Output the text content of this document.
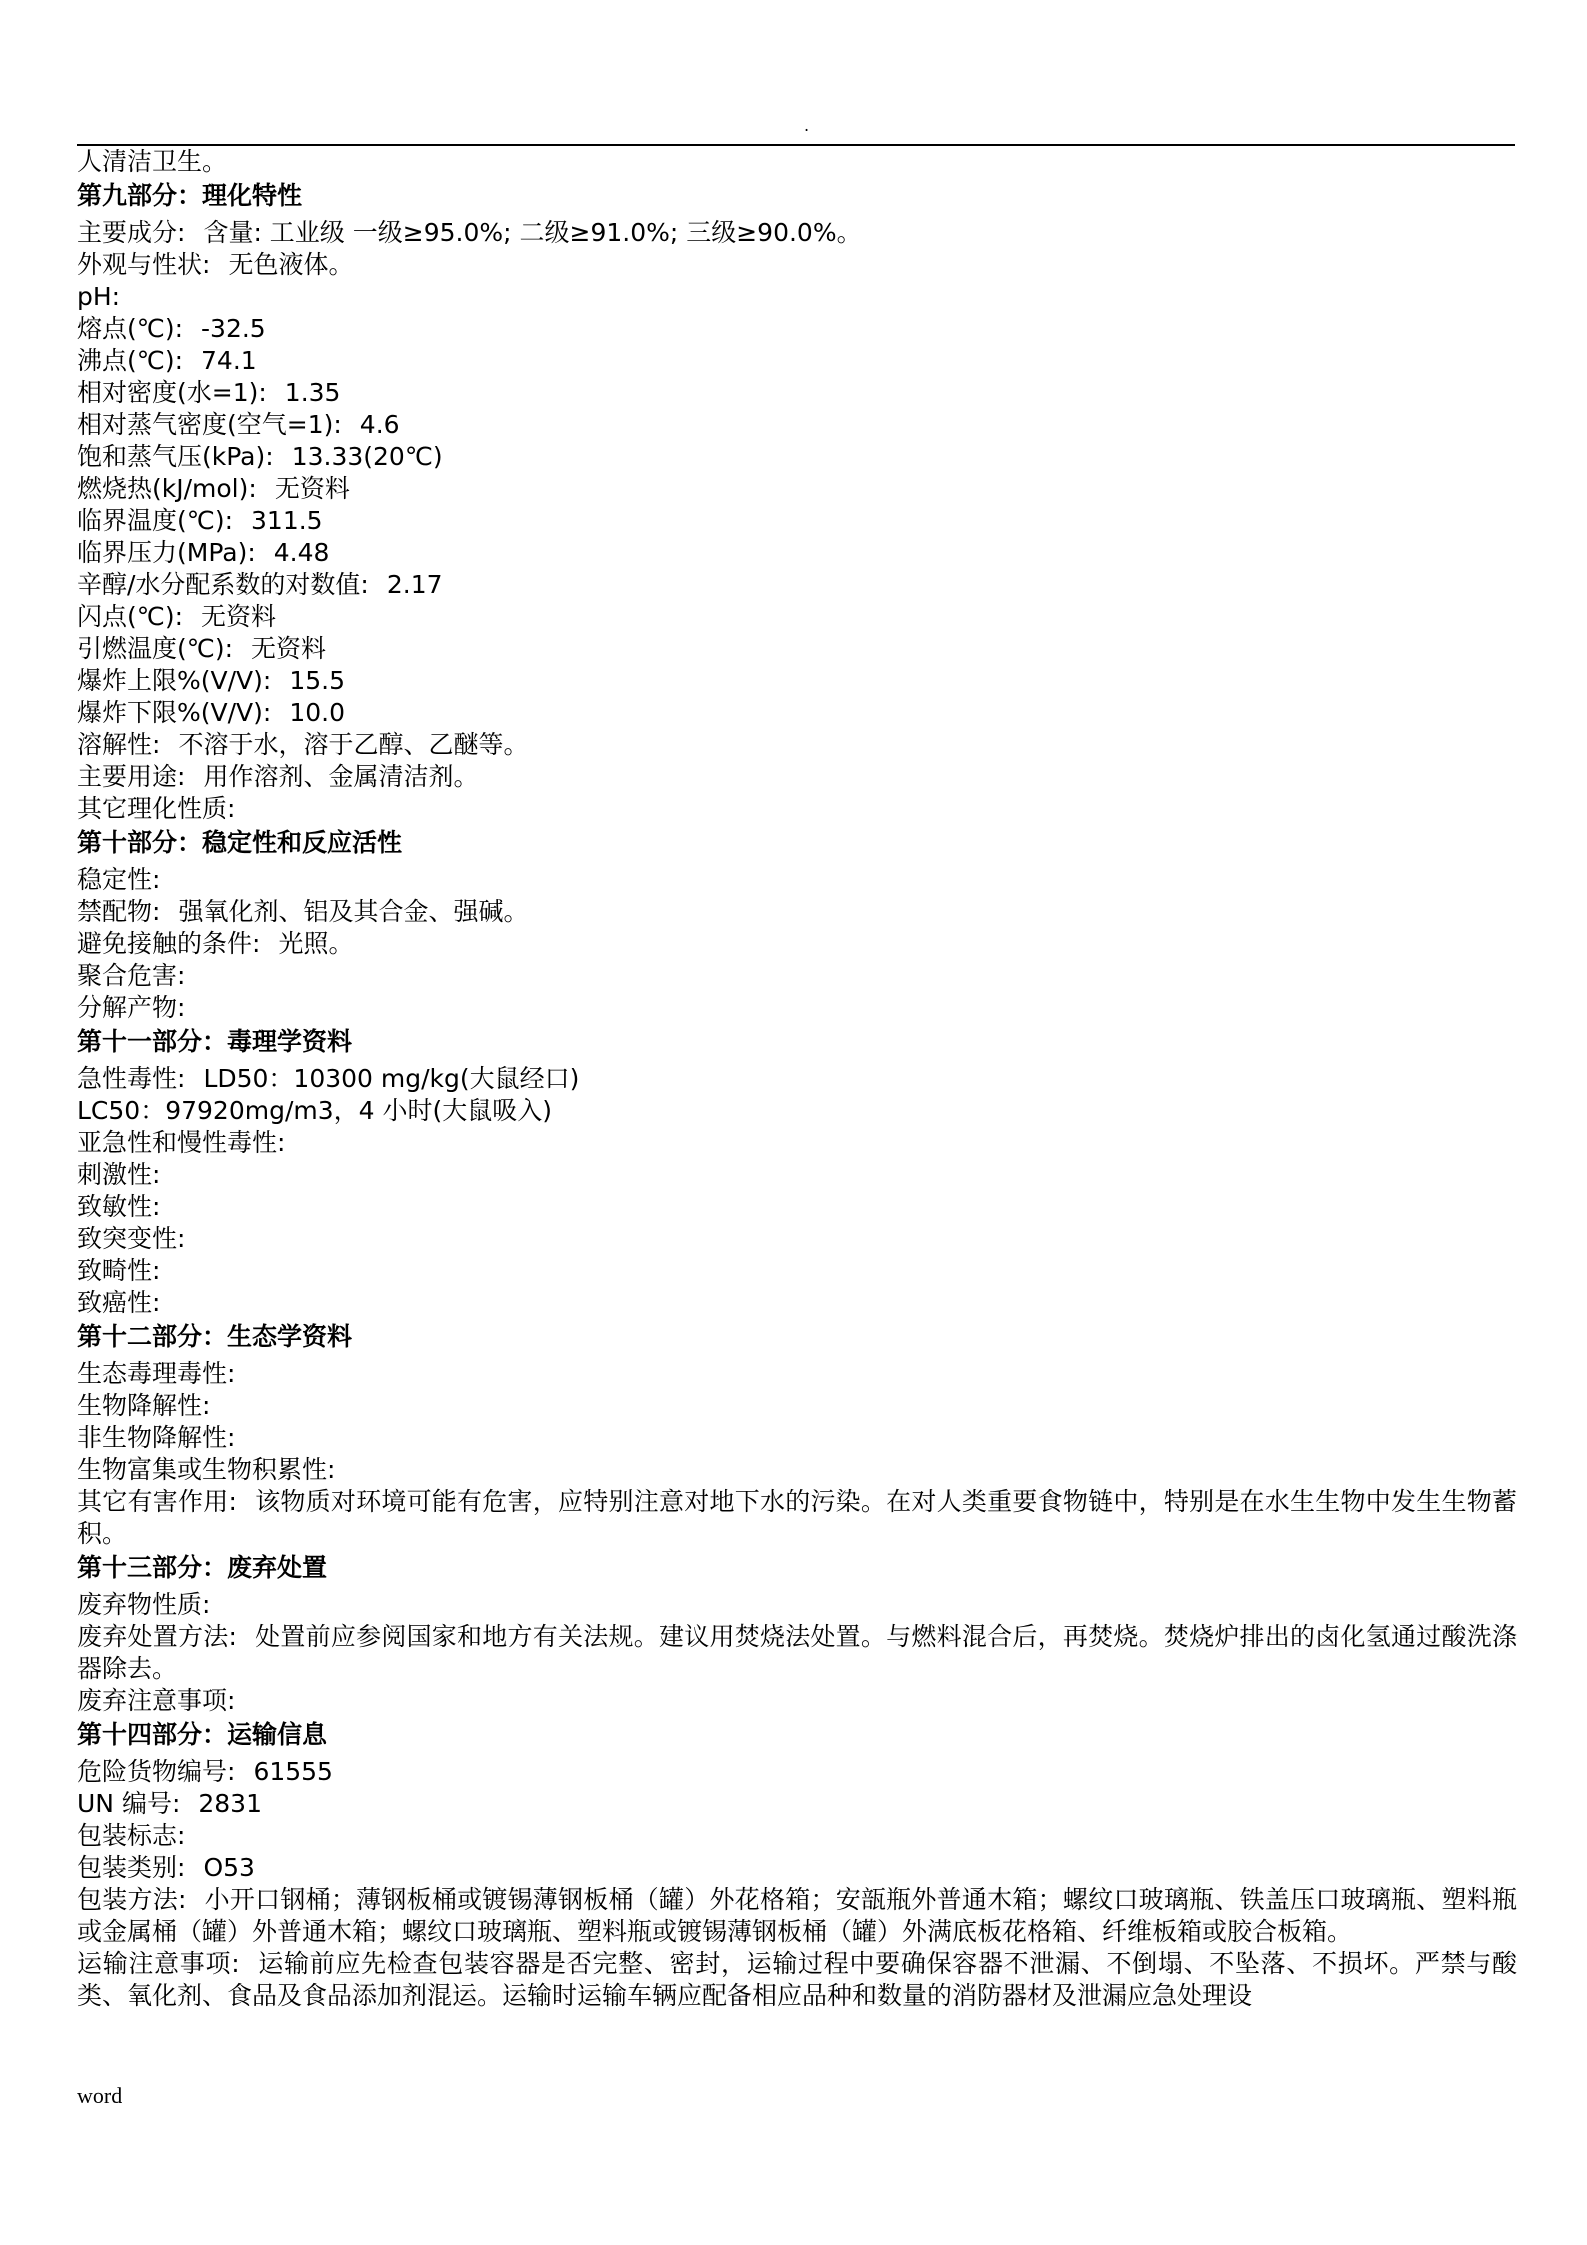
.
人清洁卫生。
第九部分：理化特性
主要成分: 含量: 工业级 一级≥95.0%; 二级≥91.0%; 三级≥90.0%。
外观与性状: 无色液体。
pH:
熔点(℃): -32.5
沸点(℃): 74.1
相对密度(水=1): 1.35
相对蒸气密度(空气=1): 4.6
饱和蒸气压(kPa): 13.33(20℃)
燃烧热(kJ/mol): 无资料
临界温度(℃): 311.5
临界压力(MPa): 4.48
辛醇/水分配系数的对数值: 2.17
闪点(℃): 无资料
引燃温度(℃): 无资料
爆炸上限%(V/V): 15.5
爆炸下限%(V/V): 10.0
溶解性: 不溶于水，溶于乙醇、乙醚等。
主要用途: 用作溶剂、金属清洁剂。
其它理化性质:
第十部分：稳定性和反应活性
稳定性:
禁配物: 强氧化剂、铝及其合金、强碱。
避免接触的条件: 光照。
聚合危害:
分解产物:
第十一部分：毒理学资料
急性毒性: LD50：10300 mg/kg(大鼠经口)
LC50：97920mg/m3，4 小时(大鼠吸入)
亚急性和慢性毒性:
刺激性:
致敏性:
致突变性:
致畸性:
致癌性:
第十二部分：生态学资料
生态毒理毒性:
生物降解性:
非生物降解性:
生物富集或生物积累性:
其它有害作用: 该物质对环境可能有危害，应特别注意对地下水的污染。在对人类重要食物链中，特别是在水生生物中发生生物蓄积。
第十三部分：废弃处置
废弃物性质:
废弃处置方法: 处置前应参阅国家和地方有关法规。建议用焚烧法处置。与燃料混合后，再焚烧。焚烧炉排出的卤化氢通过酸洗涤器除去。
废弃注意事项:
第十四部分：运输信息
危险货物编号: 61555
UN 编号: 2831
包装标志:
包装类别: O53
包装方法: 小开口钢桶；薄钢板桶或镀锡薄钢板桶（罐）外花格箱；安瓿瓶外普通木箱；螺纹口玻璃瓶、铁盖压口玻璃瓶、塑料瓶或金属桶（罐）外普通木箱；螺纹口玻璃瓶、塑料瓶或镀锡薄钢板桶（罐）外满底板花格箱、纤维板箱或胶合板箱。
运输注意事项: 运输前应先检查包装容器是否完整、密封，运输过程中要确保容器不泄漏、不倒塌、不坠落、不损坏。严禁与酸类、氧化剂、食品及食品添加剂混运。运输时运输车辆应配备相应品种和数量的消防器材及泄漏应急处理设
word
